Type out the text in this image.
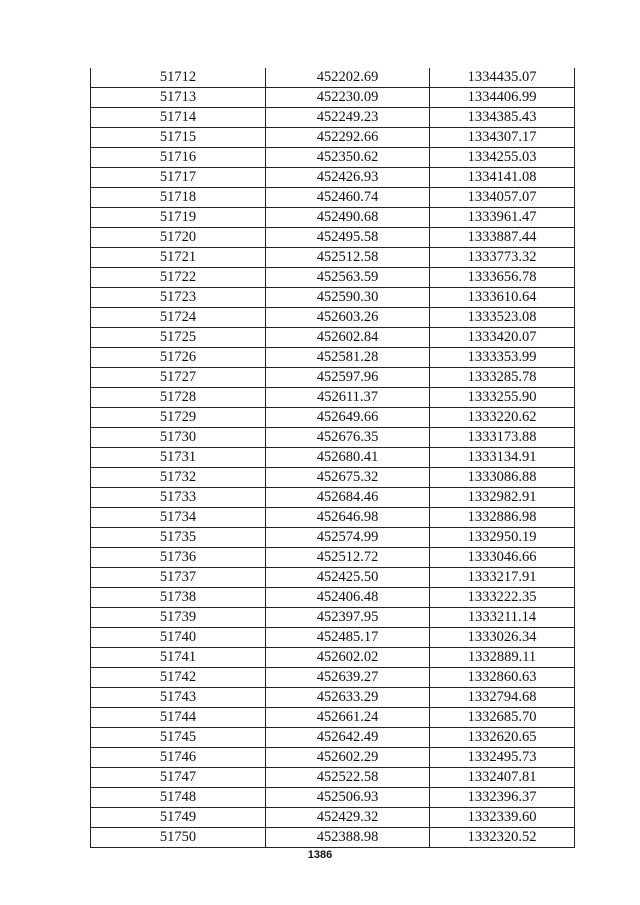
51712	452202.69	1334435.07
51713	452230.09	1334406.99
51714	452249.23	1334385.43
51715	452292.66	1334307.17
51716	452350.62	1334255.03
51717	452426.93	1334141.08
51718	452460.74	1334057.07
51719	452490.68	1333961.47
51720	452495.58	1333887.44
51721	452512.58	1333773.32
51722	452563.59	1333656.78
51723	452590.30	1333610.64
51724	452603.26	1333523.08
51725	452602.84	1333420.07
51726	452581.28	1333353.99
51727	452597.96	1333285.78
51728	452611.37	1333255.90
51729	452649.66	1333220.62
51730	452676.35	1333173.88
51731	452680.41	1333134.91
51732	452675.32	1333086.88
51733	452684.46	1332982.91
51734	452646.98	1332886.98
51735	452574.99	1332950.19
51736	452512.72	1333046.66
51737	452425.50	1333217.91
51738	452406.48	1333222.35
51739	452397.95	1333211.14
51740	452485.17	1333026.34
51741	452602.02	1332889.11
51742	452639.27	1332860.63
51743	452633.29	1332794.68
51744	452661.24	1332685.70
51745	452642.49	1332620.65
51746	452602.29	1332495.73
51747	452522.58	1332407.81
51748	452506.93	1332396.37
51749	452429.32	1332339.60
51750	452388.98	1332320.52
1386
